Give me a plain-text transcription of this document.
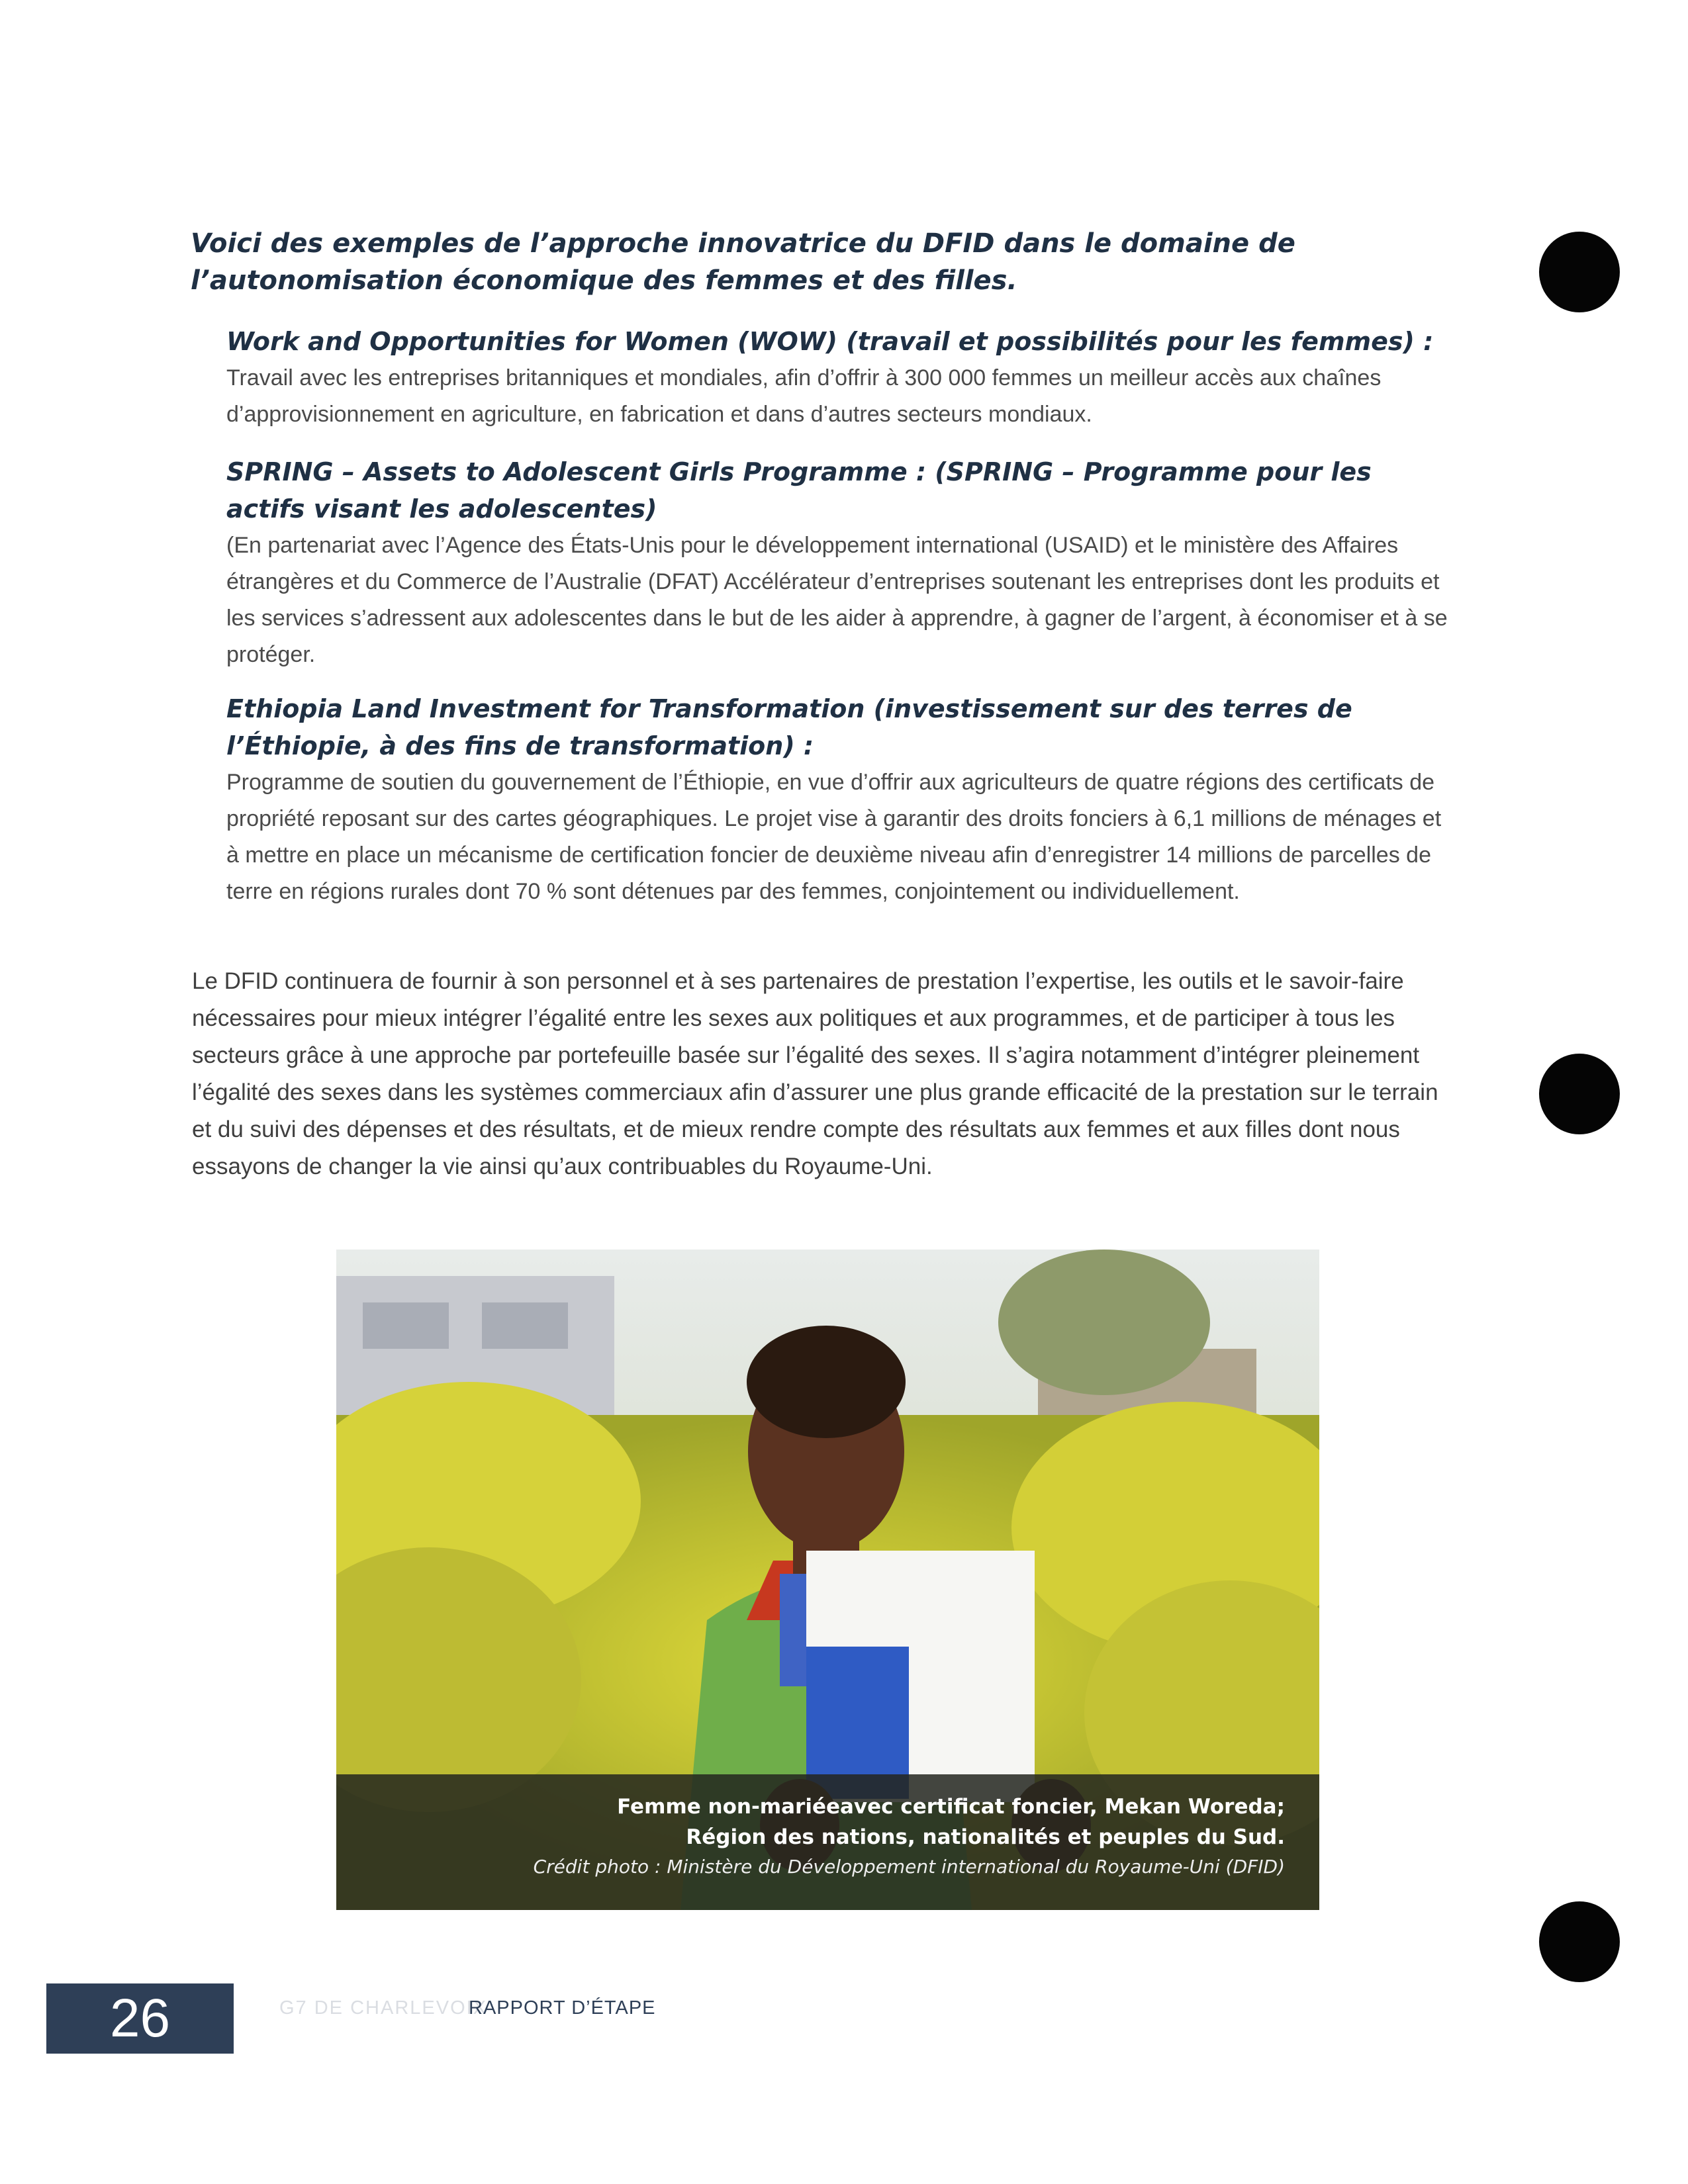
Voici des exemples de l’approche innovatrice du DFID dans le domaine de l’autonomisation économique des femmes et des filles.

Work and Opportunities for Women (WOW) (travail et possibilités pour les femmes) :

Travail avec les entreprises britanniques et mondiales, afin d’offrir à 300 000 femmes un meilleur accès aux chaînes d’approvisionnement en agriculture, en fabrication et dans d’autres secteurs mondiaux.

SPRING – Assets to Adolescent Girls Programme : (SPRING – Programme pour les actifs visant les adolescentes)

(En partenariat avec l’Agence des États-Unis pour le développement international (USAID) et le ministère des Affaires étrangères et du Commerce de l’Australie (DFAT) Accélérateur d’entreprises soutenant les entreprises dont les produits et les services s’adressent aux adolescentes dans le but de les aider à apprendre, à gagner de l’argent, à économiser et à se protéger.

Ethiopia Land Investment for Transformation (investissement sur des terres de l’Éthiopie, à des fins de transformation) :

Programme de soutien du gouvernement de l’Éthiopie, en vue d’offrir aux agriculteurs de quatre régions des certificats de propriété reposant sur des cartes géographiques. Le projet vise à garantir des droits fonciers à 6,1 millions de ménages et à mettre en place un mécanisme de certification foncier de deuxième niveau afin d’enregistrer 14 millions de parcelles de terre en régions rurales dont 70 % sont détenues par des femmes, conjointement ou individuellement.

Le DFID continuera de fournir à son personnel et à ses partenaires de prestation l’expertise, les outils et le savoir-faire nécessaires pour mieux intégrer l’égalité entre les sexes aux politiques et aux programmes, et de participer à tous les secteurs grâce à une approche par portefeuille basée sur l’égalité des sexes. Il s’agira notamment d’intégrer pleinement l’égalité des sexes dans les systèmes commerciaux afin d’assurer une plus grande efficacité de la prestation sur le terrain et du suivi des dépenses et des résultats, et de mieux rendre compte des résultats aux femmes et aux filles dont nous essayons de changer la vie ainsi qu’aux contribuables du Royaume-Uni.

Femme non-mariéeavec certificat foncier, Mekan Woreda;
Région des nations, nationalités et peuples du Sud.
Crédit photo : Ministère du Développement international du Royaume-Uni (DFID)
26	G7 DE CHARLEVOIX
RAPPORT D’ÉTAPE
